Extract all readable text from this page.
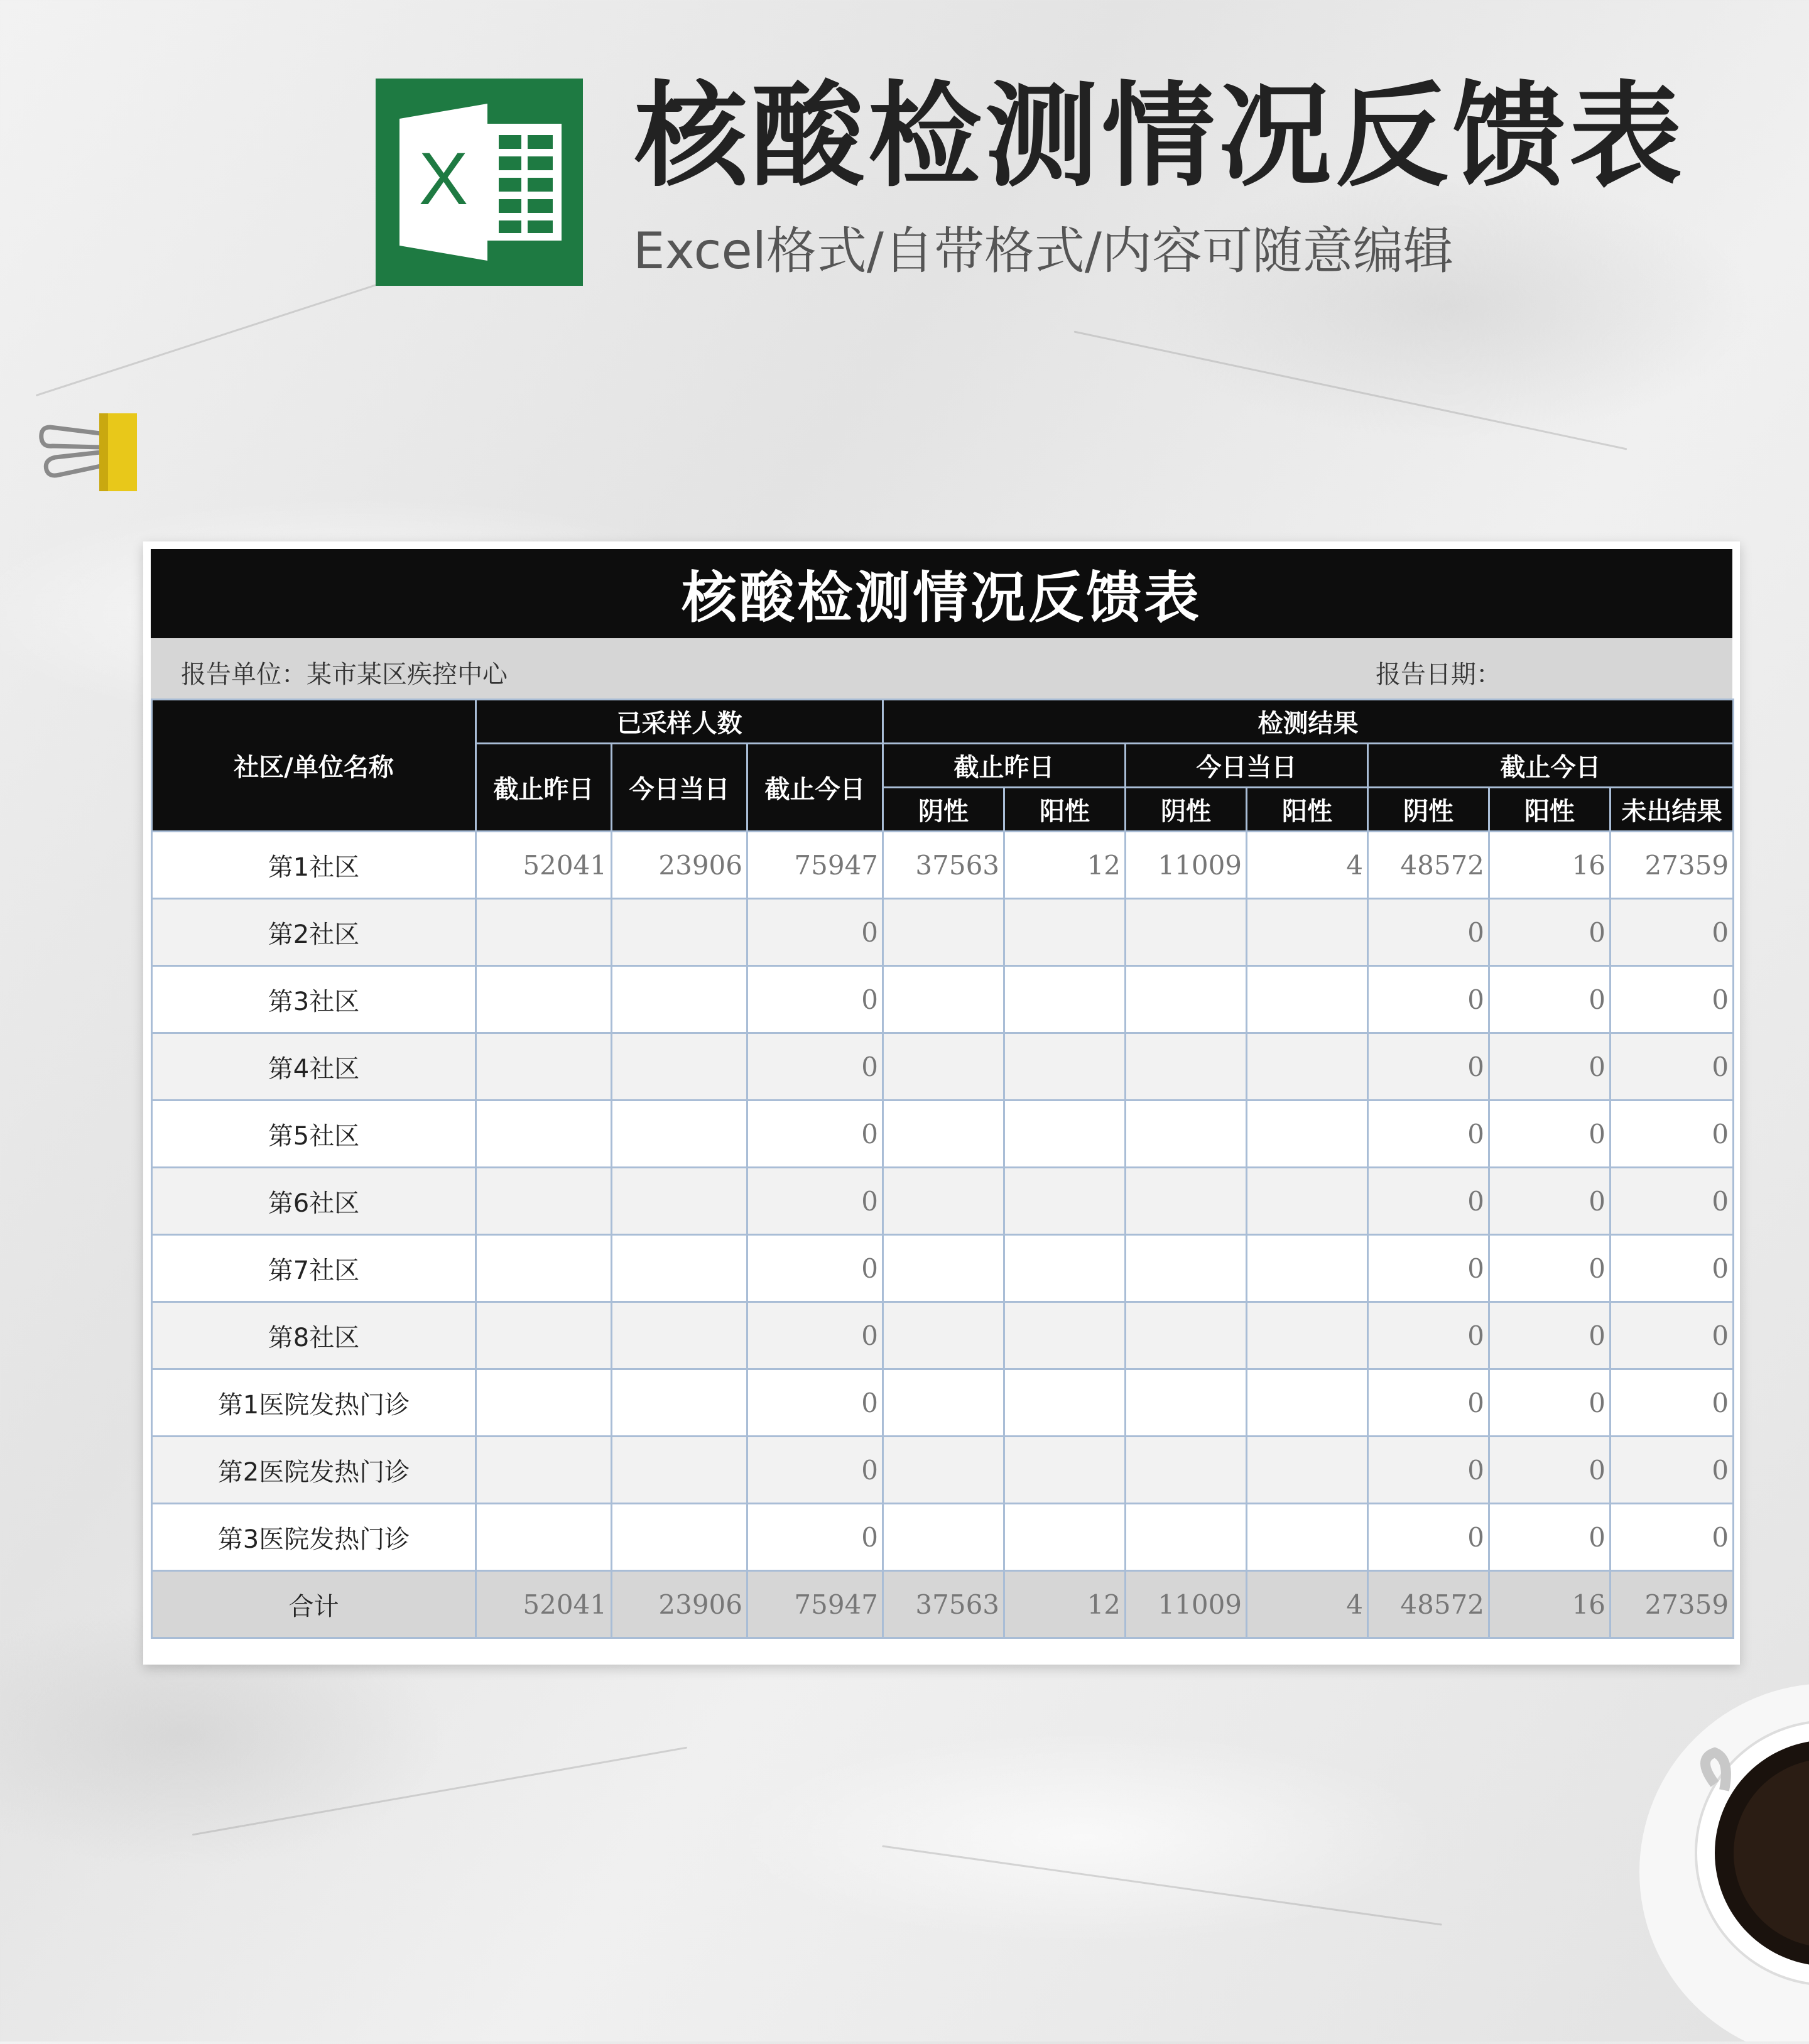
X 核酸检测情况反馈表
Excel格式/自带格式/内容可随意编辑
核酸检测情况反馈表
报告单位：某市某区疾控中心	报告日期：
社区/单位名称	已采样人数			检测结果						
	截止昨日	今日当日	截止今日	截止昨日		今日当日		截止今日		
				阴性	阳性	阴性	阳性	阴性	阳性	未出结果
第1社区	52041	23906	75947	37563	12	11009	4	48572	16	27359
第2社区			0					0	0	0
第3社区			0					0	0	0
第4社区			0					0	0	0
第5社区			0					0	0	0
第6社区			0					0	0	0
第7社区			0					0	0	0
第8社区			0					0	0	0
第1医院发热门诊			0					0	0	0
第2医院发热门诊			0					0	0	0
第3医院发热门诊			0					0	0	0
合计	52041	23906	75947	37563	12	11009	4	48572	16	27359
